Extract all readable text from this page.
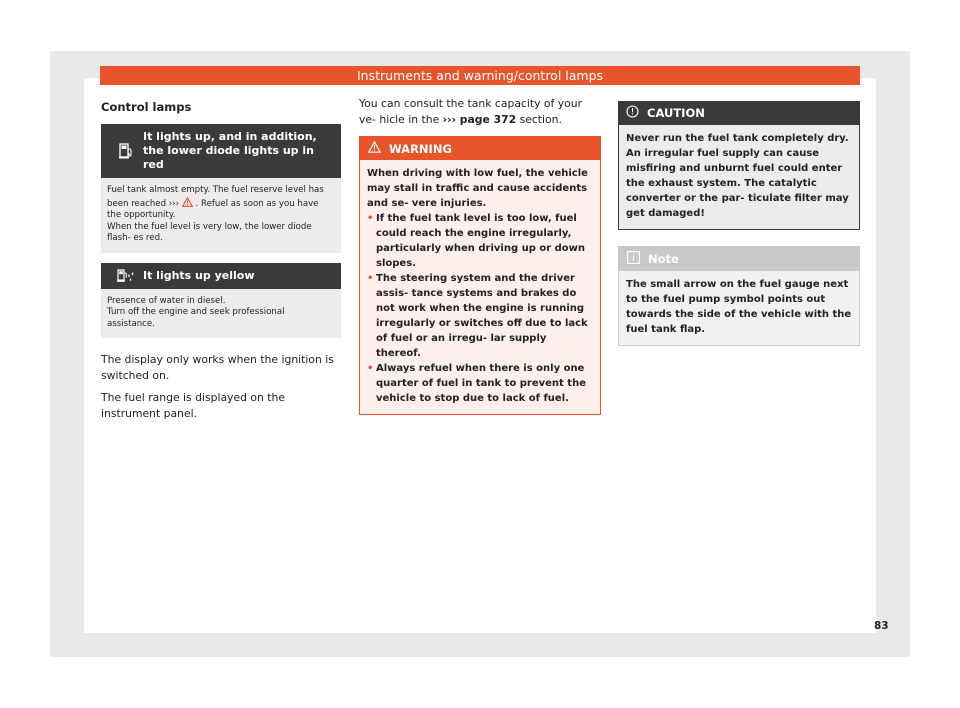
Instruments and warning/control lamps
Control lamps
It lights up, and in addition, the lower diode lights up in red
Fuel tank almost empty. The fuel reserve level has been reached ››› . Refuel as soon as you have the opportunity.
When the fuel level is very low, the lower diode flash- es red.
It lights up yellow
Presence of water in diesel.
Turn off the engine and seek professional assistance.

The display only works when the ignition is switched on.

The fuel range is displayed on the instrument panel.

You can consult the tank capacity of your ve- hicle in the ››› page 372 section.

WARNING

When driving with low fuel, the vehicle may stall in traffic and cause accidents and se- vere injuries.

• If the fuel tank level is too low, fuel could reach the engine irregularly, particularly when driving up or down slopes.

• The steering system and the driver assis- tance systems and brakes do not work when the engine is running irregularly or switches off due to lack of fuel or an irregu- lar supply thereof.

• Always refuel when there is only one quarter of fuel in tank to prevent the vehicle to stop due to lack of fuel.

CAUTION
Never run the fuel tank completely dry. An irregular fuel supply can cause misfiring and unburnt fuel could enter the exhaust system. The catalytic converter or the par- ticulate filter may get damaged!
Note
The small arrow on the fuel gauge next to the fuel pump symbol points out towards the side of the vehicle with the fuel tank flap.
83
